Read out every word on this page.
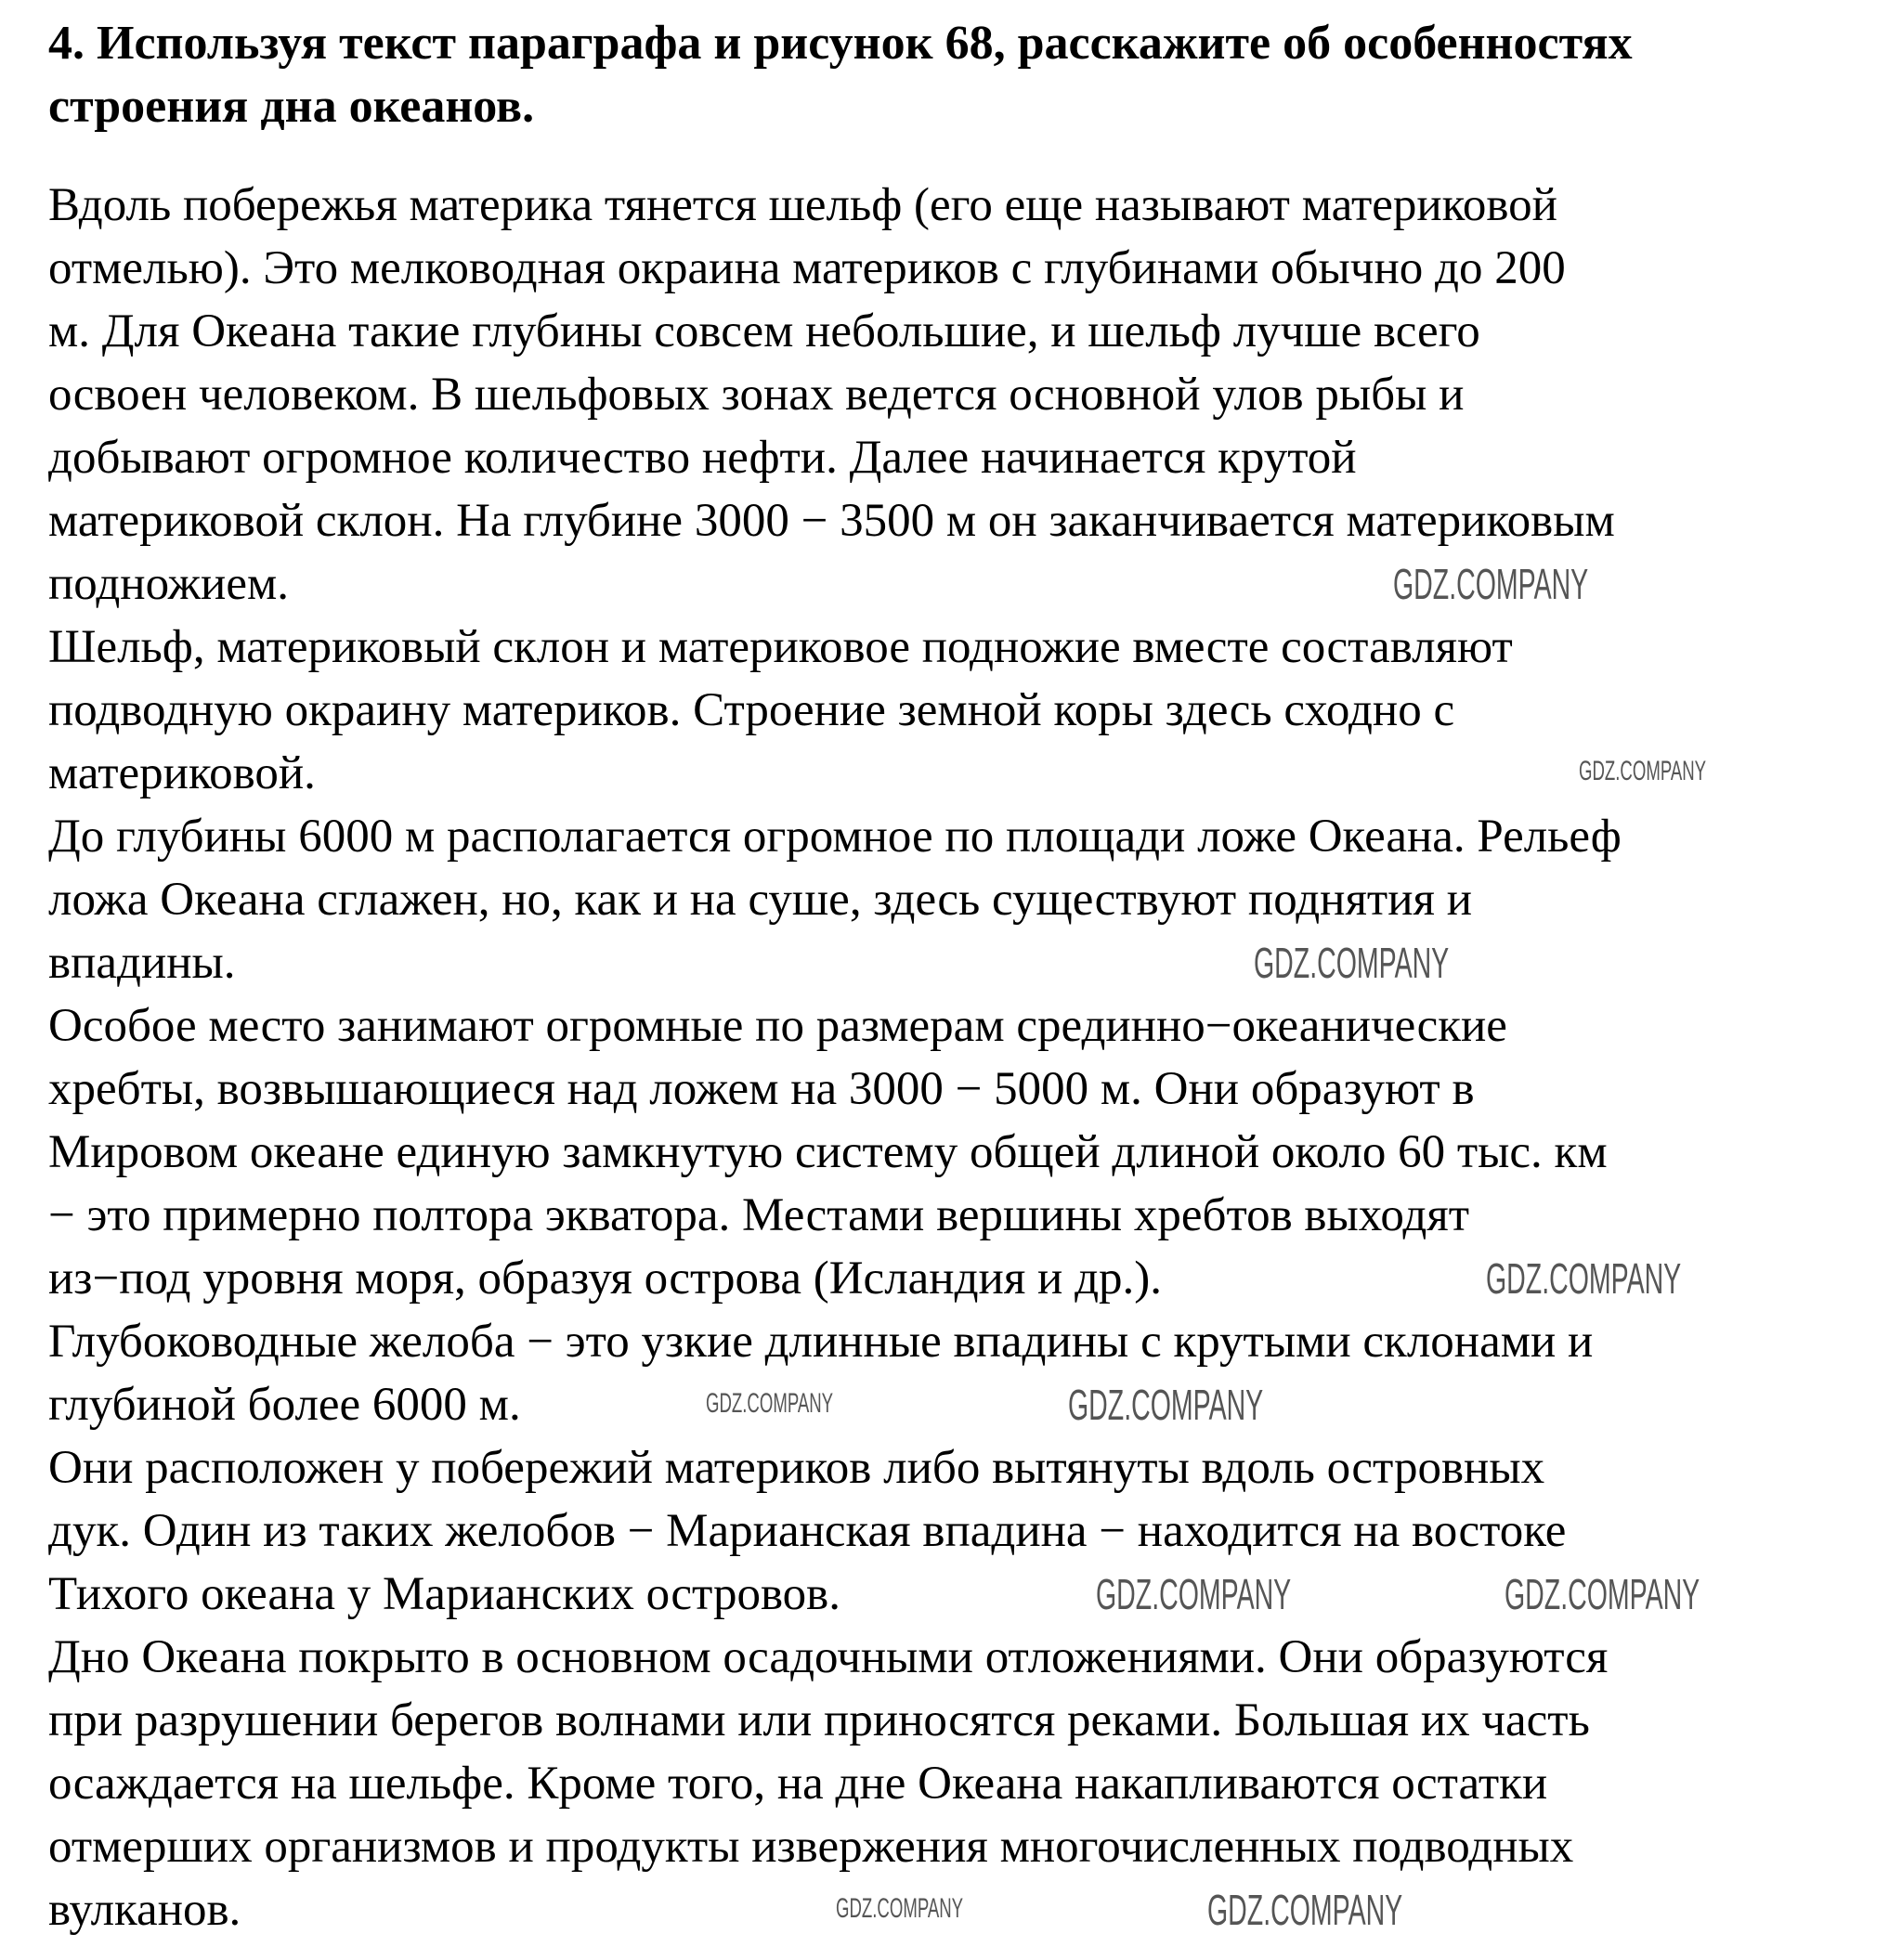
4. Используя текст параграфа и рисунок 68, расскажите об особенностях
строения дна океанов.
Вдоль побережья материка тянется шельф (его еще называют материковой
отмелью). Это мелководная окраина материков с глубинами обычно до 200
м. Для Океана такие глубины совсем небольшие, и шельф лучше всего
освоен человеком. В шельфовых зонах ведется основной улов рыбы и
добывают огромное количество нефти. Далее начинается крутой
материковой склон. На глубине 3000 − 3500 м он заканчивается материковым
подножием.
Шельф, материковый склон и материковое подножие вместе составляют
подводную окраину материков. Строение земной коры здесь сходно с
материковой.
До глубины 6000 м располагается огромное по площади ложе Океана. Рельеф
ложа Океана сглажен, но, как и на суше, здесь существуют поднятия и
впадины.
Особое место занимают огромные по размерам срединно−океанические
хребты, возвышающиеся над ложем на 3000 − 5000 м. Они образуют в
Мировом океане единую замкнутую систему общей длиной около 60 тыс. км
− это примерно полтора экватора. Местами вершины хребтов выходят
из−под уровня моря, образуя острова (Исландия и др.).
Глубоководные желоба − это узкие длинные впадины с крутыми склонами и
глубиной более 6000 м.
Они расположен у побережий материков либо вытянуты вдоль островных
дук. Один из таких желобов − Марианская впадина − находится на востоке
Тихого океана у Марианских островов.
Дно Океана покрыто в основном осадочными отложениями. Они образуются
при разрушении берегов волнами или приносятся реками. Большая их часть
осаждается на шельфе. Кроме того, на дне Океана накапливаются остатки
отмерших организмов и продукты извержения многочисленных подводных
вулканов.
GDZ.COMPANY
GDZ.COMPANY
GDZ.COMPANY
GDZ.COMPANY
GDZ.COMPANY	GDZ.COMPANY
GDZ.COMPANY	GDZ.COMPANY
GDZ.COMPANY	GDZ.COMPANY
